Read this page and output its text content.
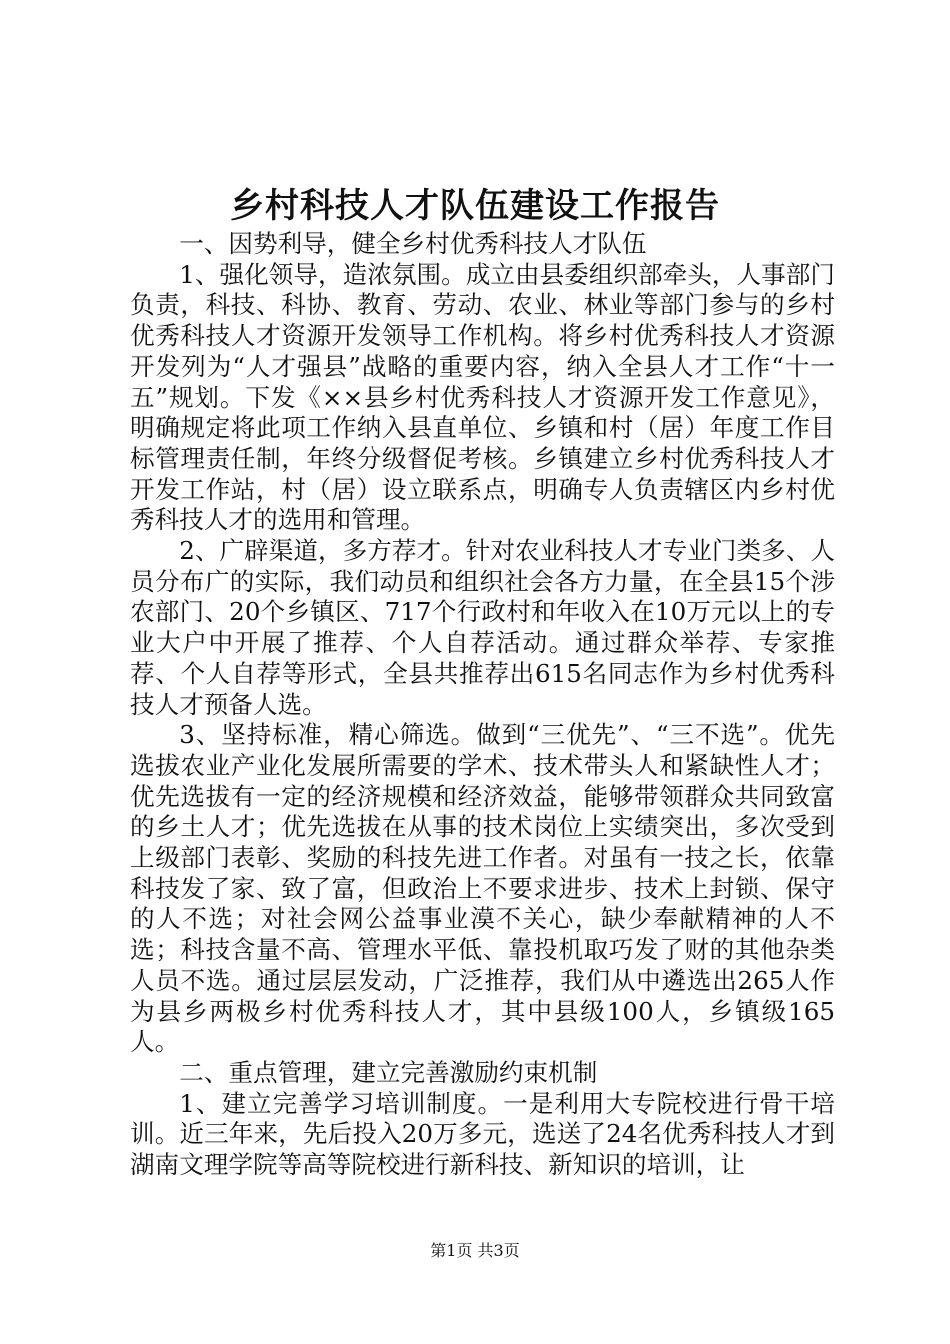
乡村科技人才队伍建设工作报告

一、因势利导，健全乡村优秀科技人才队伍

1、强化领导，造浓氛围。成立由县委组织部牵头，人事部门负责，科技、科协、教育、劳动、农业、林业等部门参与的乡村优秀科技人才资源开发领导工作机构。将乡村优秀科技人才资源开发列为“人才强县”战略的重要内容，纳入全县人才工作“十一五”规划。下发《××县乡村优秀科技人才资源开发工作意见》，明确规定将此项工作纳入县直单位、乡镇和村（居）年度工作目标管理责任制，年终分级督促考核。乡镇建立乡村优秀科技人才开发工作站，村（居）设立联系点，明确专人负责辖区内乡村优秀科技人才的选用和管理。

2、广辟渠道，多方荐才。针对农业科技人才专业门类多、人员分布广的实际，我们动员和组织社会各方力量，在全县15个涉农部门、20个乡镇区、717个行政村和年收入在10万元以上的专业大户中开展了推荐、个人自荐活动。通过群众举荐、专家推荐、个人自荐等形式，全县共推荐出615名同志作为乡村优秀科技人才预备人选。

3、坚持标准，精心筛选。做到“三优先”、“三不选”。优先选拔农业产业化发展所需要的学术、技术带头人和紧缺性人才；优先选拔有一定的经济规模和经济效益，能够带领群众共同致富的乡土人才；优先选拔在从事的技术岗位上实绩突出，多次受到上级部门表彰、奖励的科技先进工作者。对虽有一技之长，依靠科技发了家、致了富，但政治上不要求进步、技术上封锁、保守的人不选；对社会网公益事业漠不关心，缺少奉献精神的人不选；科技含量不高、管理水平低、靠投机取巧发了财的其他杂类人员不选。通过层层发动，广泛推荐，我们从中遴选出265人作为县乡两极乡村优秀科技人才，其中县级100人，乡镇级165人。

二、重点管理，建立完善激励约束机制

1、建立完善学习培训制度。一是利用大专院校进行骨干培训。近三年来，先后投入20万多元，选送了24名优秀科技人才到湖南文理学院等高等院校进行新科技、新知识的培训，让

第1页 共3页
